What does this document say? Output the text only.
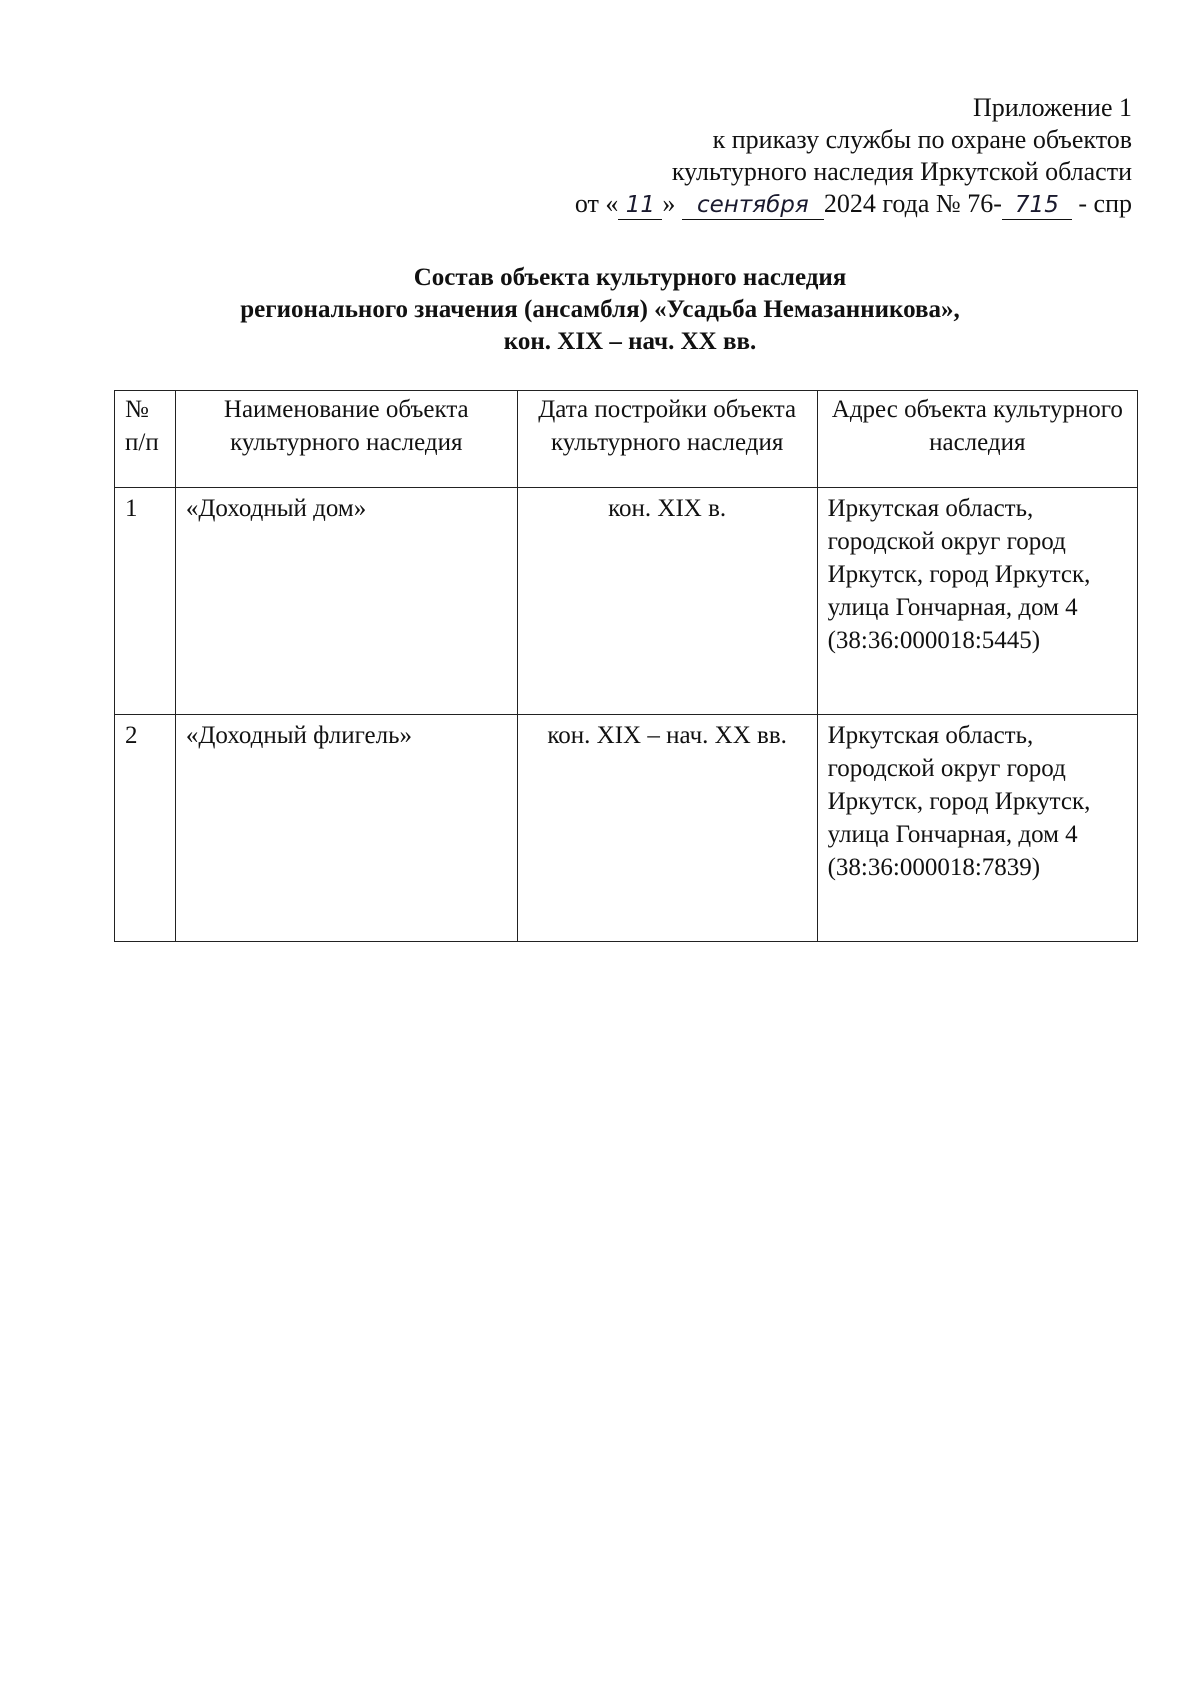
Приложение 1
к приказу службы по охране объектов
культурного наследия Иркутской области
от « 11 » сентября 2024 года № 76- 715 - спр
Состав объекта культурного наследия
регионального значения (ансамбля) «Усадьба Немазанникова»,
кон. XIX – нач. XX вв.
№ п/п	Наименование объекта культурного наследия	Дата постройки объекта культурного наследия	Адрес объекта культурного наследия
1	«Доходный дом»	кон. XIX в.	Иркутская область, городской округ город Иркутск, город Иркутск, улица Гончарная, дом 4 (38:36:000018:5445)
2	«Доходный флигель»	кон. XIX – нач. XX вв.	Иркутская область, городской округ город Иркутск, город Иркутск, улица Гончарная, дом 4 (38:36:000018:7839)
